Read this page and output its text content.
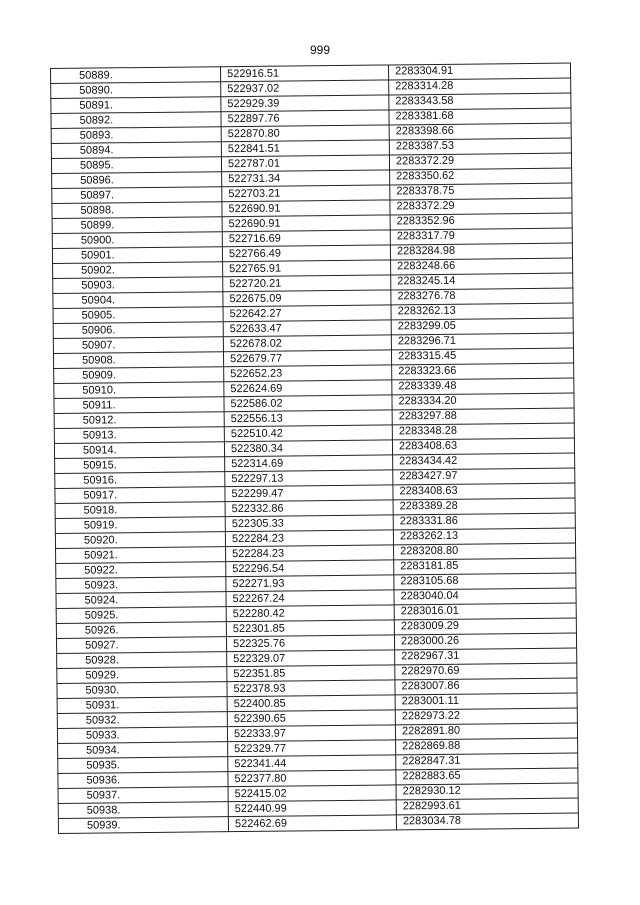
999
50889.	522916.51	2283304.91
50890.	522937.02	2283314.28
50891.	522929.39	2283343.58
50892.	522897.76	2283381.68
50893.	522870.80	2283398.66
50894.	522841.51	2283387.53
50895.	522787.01	2283372.29
50896.	522731.34	2283350.62
50897.	522703.21	2283378.75
50898.	522690.91	2283372.29
50899.	522690.91	2283352.96
50900.	522716.69	2283317.79
50901.	522766.49	2283284.98
50902.	522765.91	2283248.66
50903.	522720.21	2283245.14
50904.	522675.09	2283276.78
50905.	522642.27	2283262.13
50906.	522633.47	2283299.05
50907.	522678.02	2283296.71
50908.	522679.77	2283315.45
50909.	522652.23	2283323.66
50910.	522624.69	2283339.48
50911.	522586.02	2283334.20
50912.	522556.13	2283297.88
50913.	522510.42	2283348.28
50914.	522380.34	2283408.63
50915.	522314.69	2283434.42
50916.	522297.13	2283427.97
50917.	522299.47	2283408.63
50918.	522332.86	2283389.28
50919.	522305.33	2283331.86
50920.	522284.23	2283262.13
50921.	522284.23	2283208.80
50922.	522296.54	2283181.85
50923.	522271.93	2283105.68
50924.	522267.24	2283040.04
50925.	522280.42	2283016.01
50926.	522301.85	2283009.29
50927.	522325.76	2283000.26
50928.	522329.07	2282967.31
50929.	522351.85	2282970.69
50930.	522378.93	2283007.86
50931.	522400.85	2283001.11
50932.	522390.65	2282973.22
50933.	522333.97	2282891.80
50934.	522329.77	2282869.88
50935.	522341.44	2282847.31
50936.	522377.80	2282883.65
50937.	522415.02	2282930.12
50938.	522440.99	2282993.61
50939.	522462.69	2283034.78
